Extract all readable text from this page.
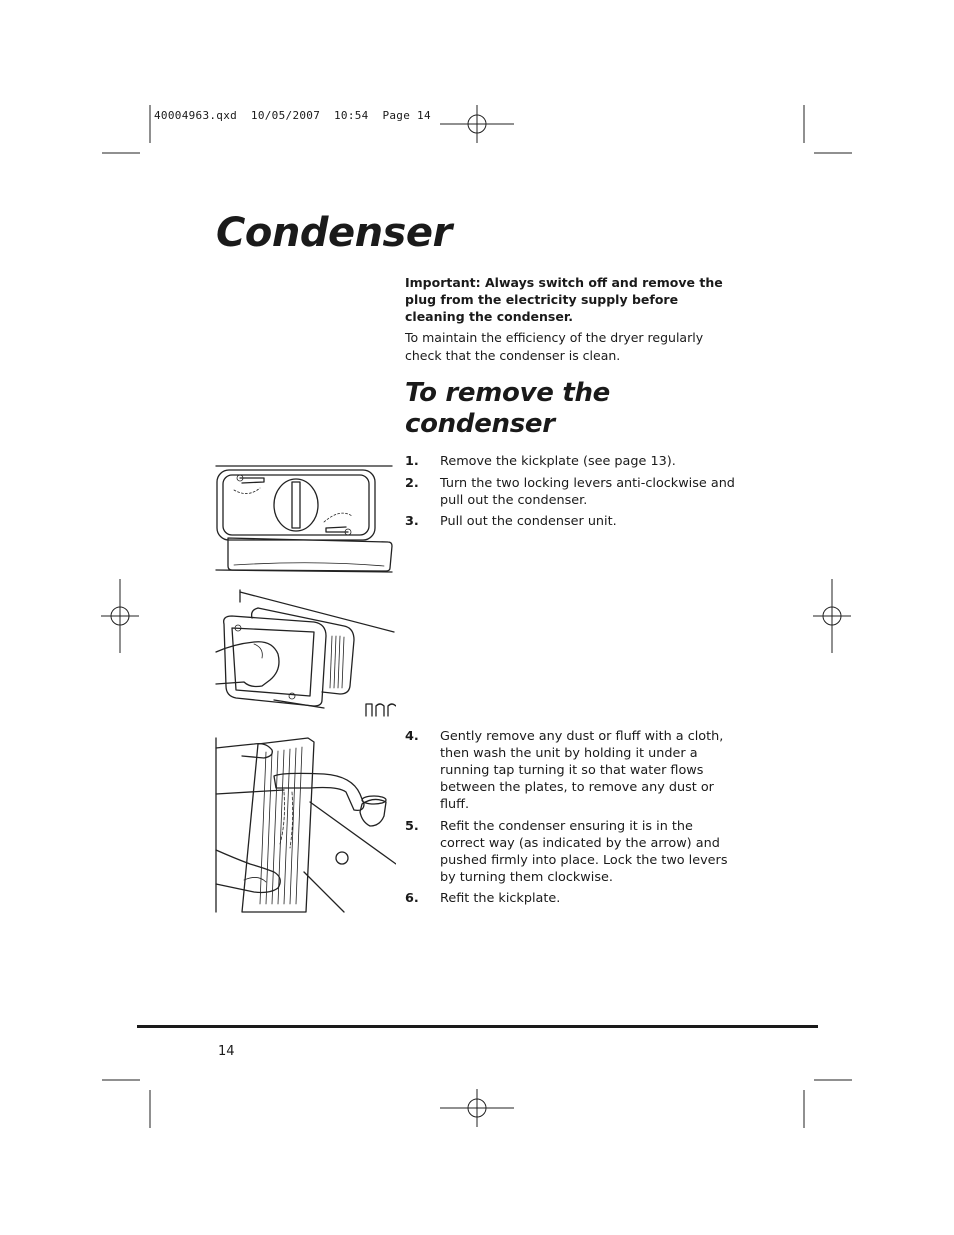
40004963.qxd  10/05/2007  10:54  Page 14
Condenser

Important: Always switch off and remove the plug from the electricity supply before cleaning the condenser.

To maintain the efficiency of the dryer regularly check that the condenser is clean.

To remove the condenser
1.	Remove the kickplate (see page 13).
2.	Turn the two locking levers anti-clockwise and pull out the condenser.
3.	Pull out the condenser unit.
4.	Gently remove any dust or fluff with a cloth, then wash the unit by holding it under a running tap turning it so that water flows between the plates, to remove any dust or fluff.
5.	Refit the condenser ensuring it is in the correct way (as indicated by the arrow) and pushed firmly into place. Lock the two levers by turning them clockwise.
6.	Refit the kickplate.
14
